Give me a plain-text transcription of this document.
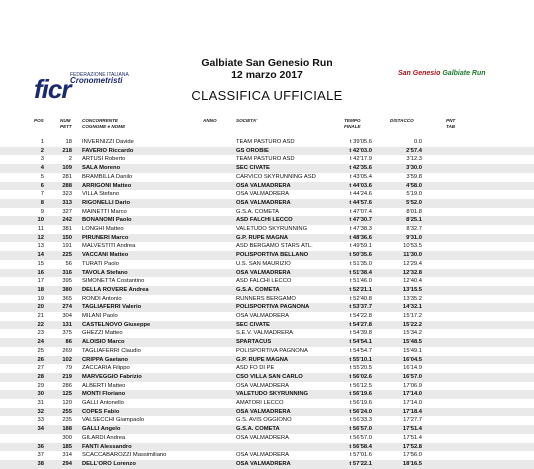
ficr FEDERAZIONE ITALIANA
Cronometristi
Galbiate San Genesio Run
12 marzo 2017
CLASSIFICA UFFICIALE
San Genesio Galbiate Run
POS	NUM
PETT
CONCORRENTE
COGNOME e NOME
ANNO	SOCIETA'	TEMPO
FINALE
DISTACCO	PNT
TAB
1	18 INVERNIZZI Davide	TEAM PASTURO ASD	t 39'05.6	0.0
2	218 FAVERIO Riccardo	GS OROBIE	t 42'03.0	2'57.4
3	2 ARTUSI Roberto	TEAM PASTURO ASD	t 42'17.9	3'12.3
4	109 SALA Moreno	SEC CIVATE	t 42'35.6	3'30.0
5	281 BRAMBILLA Danilo	CARVICO SKYRUNNING ASD	t 43'05.4	3'59.8
6	288 ARRIGONI Matteo	OSA VALMADRERA	t 44'03.6	4'58.0
7	323 VILLA Stefano	OSA VALMADRERA	t 44'24.6	5'19.0
8	313 RIGONELLI Dario	OSA VALMADRERA	t 44'57.6	5'52.0
9	327 MAINETTI Marco	G.S.A. COMETA	t 47'07.4	8'01.8
10	242 BONANOMI Paolo	ASD FALCHI LECCO	t 47'30.7	8'25.1
11	381 LONGHI Matteo	VALETUDO SKYRUNNING	t 47'38.3	8'32.7
12	150 PIRUNERI Marco	G.P. RUPE MAGNA	t 48'36.6	9'31.0
13	191 MALVESTITI Andrea	ASD BERGAMO STARS ATL.	t 49'59.1	10'53.5
14	225 VACCANI Matteo	POLISPORTIVA BELLANO	t 50'35.6	11'30.0
15	56 TURATI Paolo	U.S. SAN MAURIZIO	t 51'35.0	12'29.4
16	316 TAVOLA Stefano	OSA VALMADRERA	t 51'38.4	12'32.8
17	395 SIMONETTA Costantino	ASD FALCHI LECCO	t 51'46.0	12'40.4
18	380 DELLA ROVERE Andrea	G.S.A. COMETA	t 52'21.1	13'15.5
19	365 RONDI Antonio	RUNNERS BERGAMO	t 52'40.8	13'35.2
20	274 TAGLIAFERRI Valerio	POLISPORTIVA PAGNONA	t 53'37.7	14'32.1
21	304 MILANI Paolo	OSA VALMADRERA	t 54'22.8	15'17.2
22	131 CASTELNOVO Giuseppe	SEC CIVATE	t 54'27.8	15'22.2
23	375 GHEZZI Matteo	S.E.V. VALMADRERA	t 54'39.8	15'34.2
24	86 ALOISIO Marco	SPARTACUS	t 54'54.1	15'48.5
25	269 TAGLIAFERRI Claudio	POLISPORTIVA PAGNONA	t 54'54.7	15'49.1
26	102 CRIPPA Gaetano	G.P. RUPE MAGNA	t 55'10.1	16'04.5
27	79 ZACCARIA Filippo	ASD FO DI PE	t 55'20.5	16'14.9
28	219 MARVEGGIO Fabrizio	CSO VILLA SAN CARLO	t 56'02.6	16'57.0
29	286 ALBERTI Matteo	OSA VALMADRERA	t 56'12.5	17'06.9
30	125 MONTI Floriano	VALETUDO SKYRUNNING	t 56'19.6	17'14.0
31	120 GALLI Antonello	AMATORI LECCO	t 56'19.6	17'14.0
32	255 COPES Fabio	OSA VALMADRERA	t 56'24.0	17'18.4
33	235 VALSECCHI Giampaolo	G.S. AVIS OGGIONO	t 56'33.3	17'27.7
34	188 GALLI Angelo	G.S.A. COMETA	t 56'57.0	17'51.4
300 GILARDI Andrea	OSA VALMADRERA	t 56'57.0	17'51.4
36	185 FANTI Alessandro	t 56'58.4	17'52.8
37	314 SCACCABAROZZI Massimiliano	OSA VALMADRERA	t 57'01.6	17'56.0
38	294 DELL'ORO Lorenzo	OSA VALMADRERA	t 57'22.1	18'16.5
